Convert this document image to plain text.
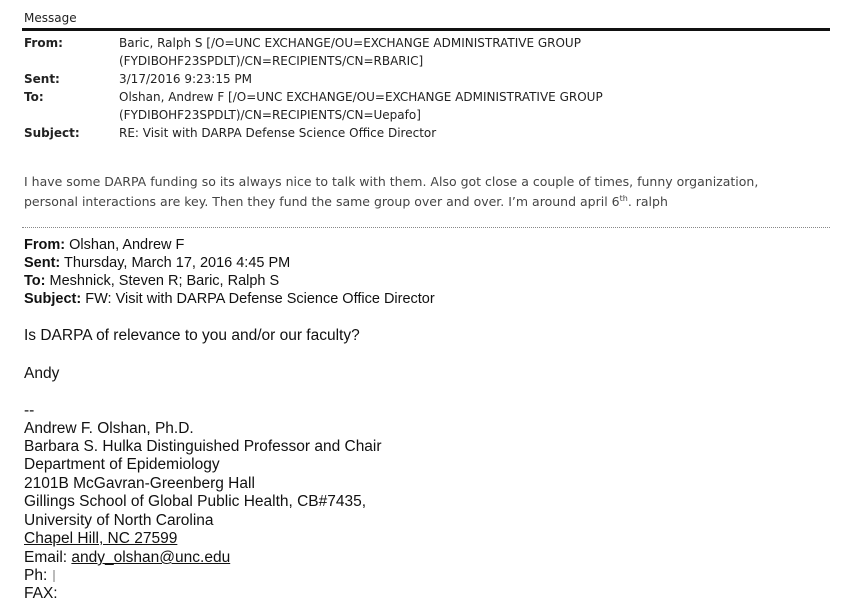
Message
From:	Baric, Ralph S [/O=UNC EXCHANGE/OU=EXCHANGE ADMINISTRATIVE GROUP
(FYDIBOHF23SPDLT)/CN=RECIPIENTS/CN=RBARIC]
Sent:	3/17/2016 9:23:15 PM
To:	Olshan, Andrew F [/O=UNC EXCHANGE/OU=EXCHANGE ADMINISTRATIVE GROUP
(FYDIBOHF23SPDLT)/CN=RECIPIENTS/CN=Uepafo]
Subject:	RE: Visit with DARPA Defense Science Office Director
I have some DARPA funding so its always nice to talk with them. Also got close a couple of times, funny organization,
personal interactions are key. Then they fund the same group over and over. I’m around april 6th. ralph
From: Olshan, Andrew F
Sent: Thursday, March 17, 2016 4:45 PM
To: Meshnick, Steven R; Baric, Ralph S
Subject: FW: Visit with DARPA Defense Science Office Director
Is DARPA of relevance to you and/or our faculty?
Andy
--
Andrew F. Olshan, Ph.D.
Barbara S. Hulka Distinguished Professor and Chair
Department of Epidemiology
2101B McGavran-Greenberg Hall
Gillings School of Global Public Health, CB#7435,
University of North Carolina
Chapel Hill, NC 27599
Email: andy_olshan@unc.edu
Ph:
FAX:
